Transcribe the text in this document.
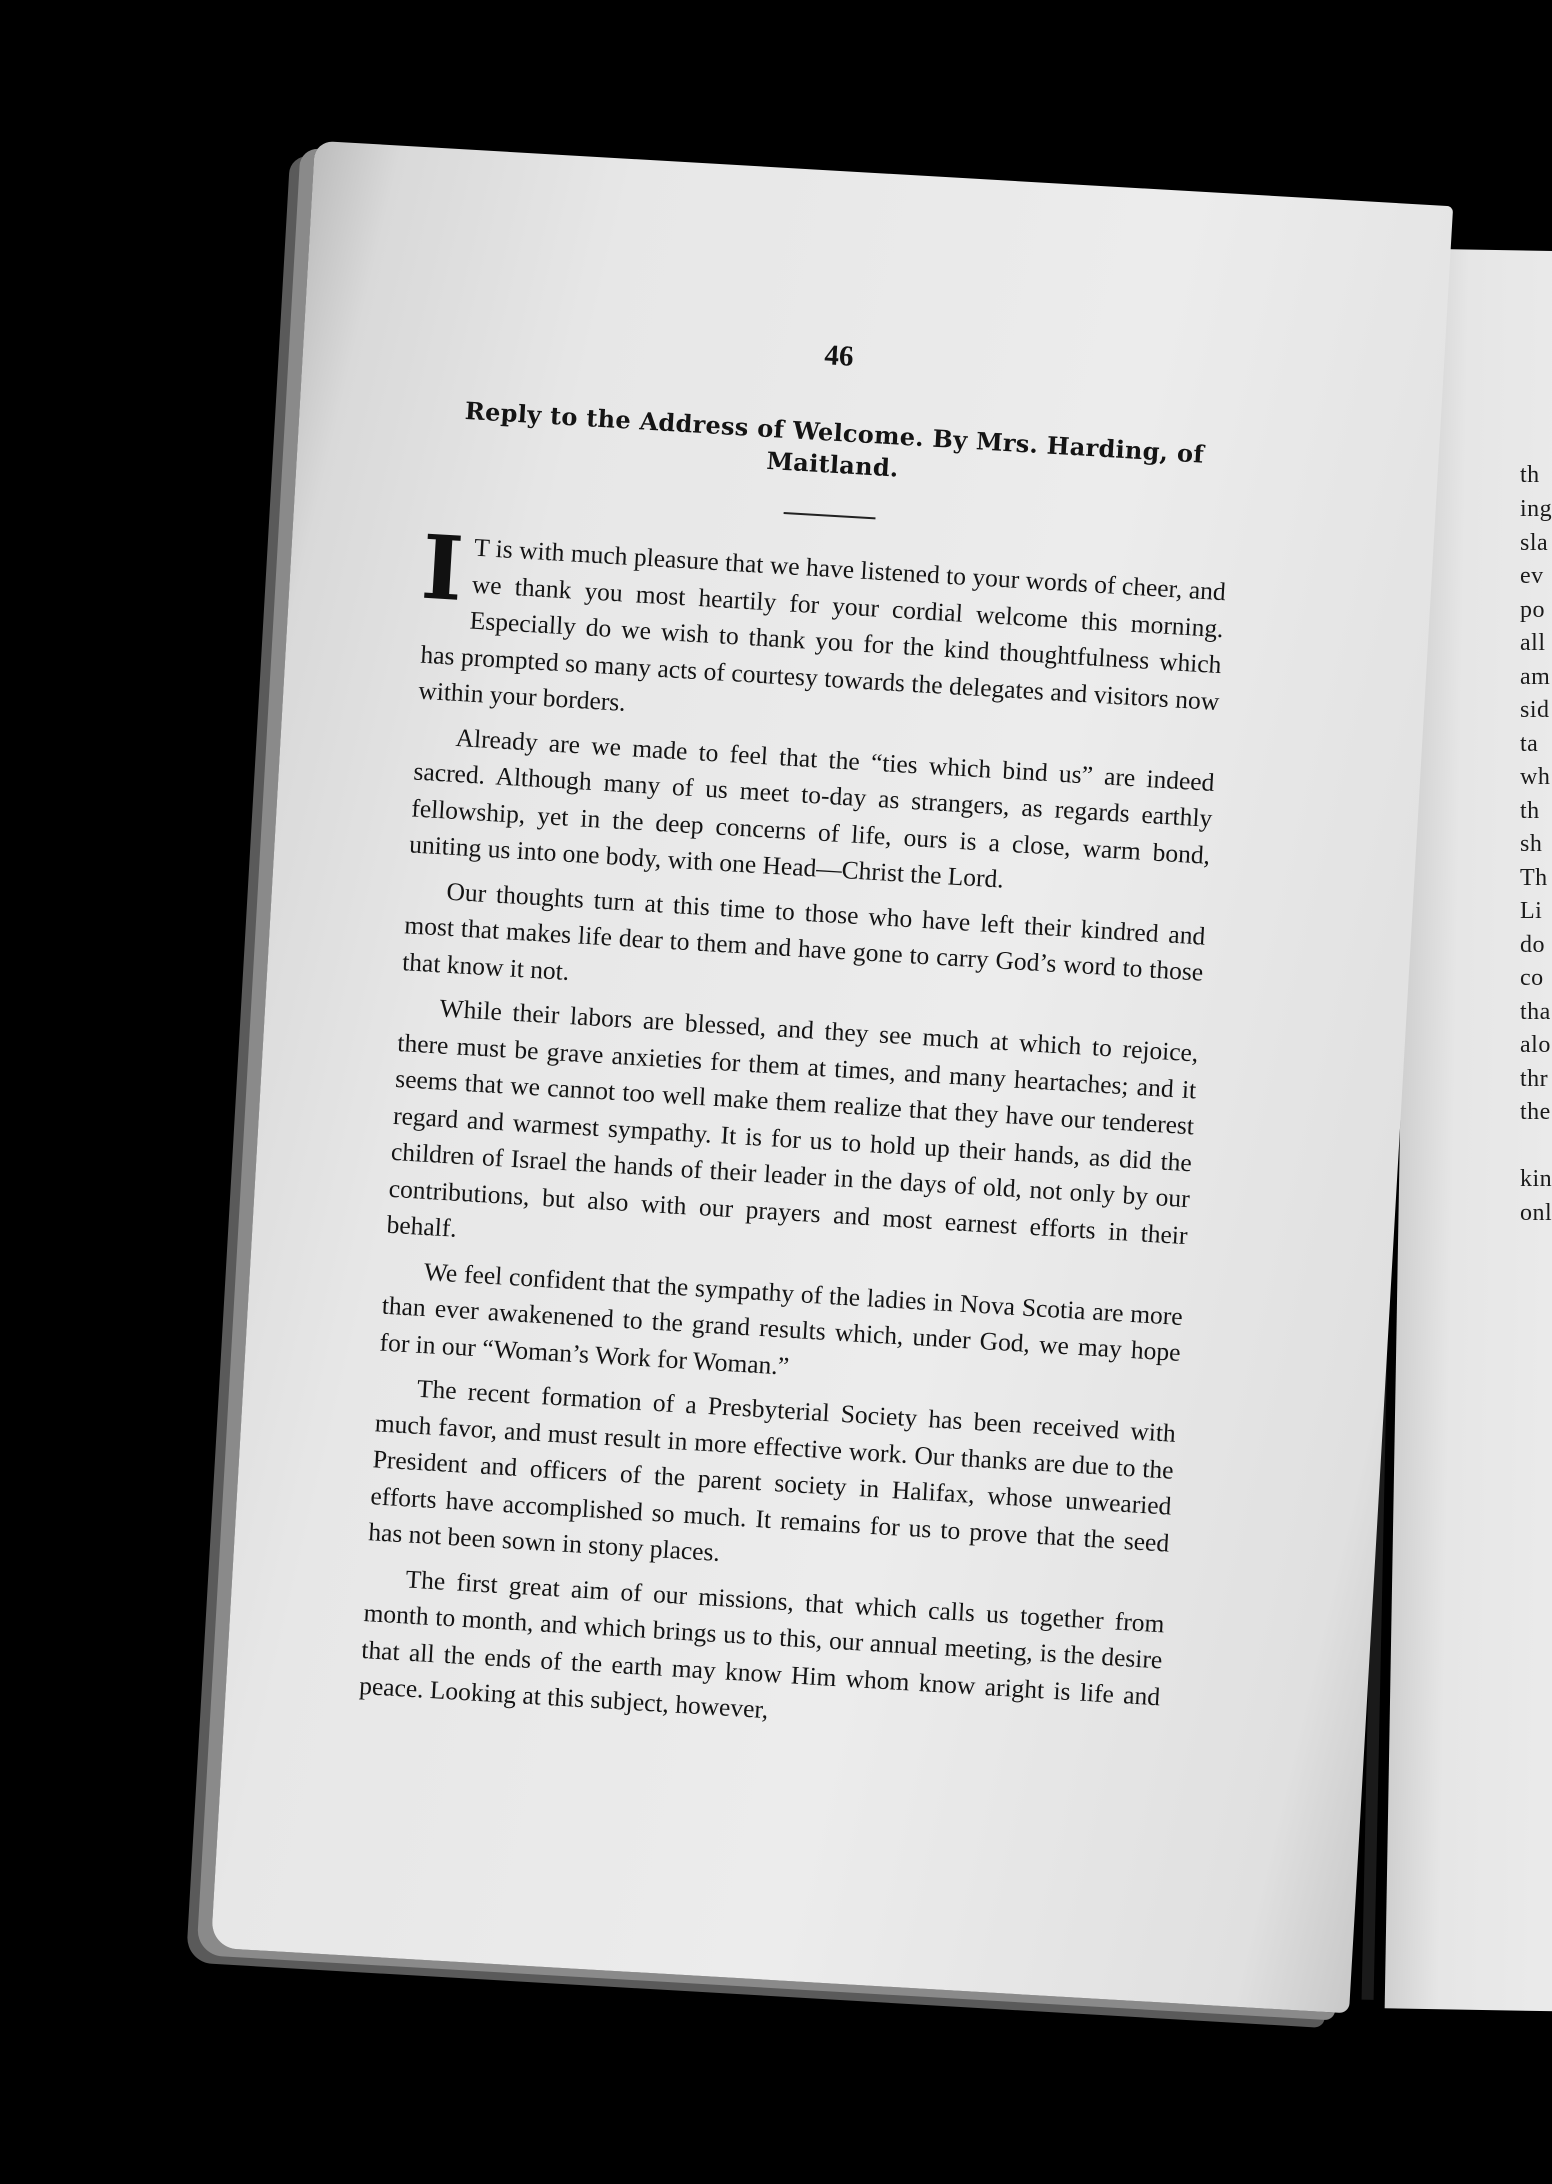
46

Reply to the Address of Welcome. By Mrs. Harding, of Maitland.

I T is with much pleasure that we have listened to your words of cheer, and we thank you most heartily for your cordial welcome this morning. Especially do we wish to thank you for the kind thoughtfulness which has prompted so many acts of courtesy towards the delegates and visitors now within your borders.

Already are we made to feel that the “ties which bind us” are indeed sacred. Although many of us meet to-day as strangers, as regards earthly fellowship, yet in the deep concerns of life, ours is a close, warm bond, uniting us into one body, with one Head—Christ the Lord.

Our thoughts turn at this time to those who have left their kindred and most that makes life dear to them and have gone to carry God’s word to those that know it not.

While their labors are blessed, and they see much at which to rejoice, there must be grave anxieties for them at times, and many heartaches; and it seems that we cannot too well make them realize that they have our tenderest regard and warmest sympathy. It is for us to hold up their hands, as did the children of Israel the hands of their leader in the days of old, not only by our contributions, but also with our prayers and most earnest efforts in their behalf.

We feel confident that the sympathy of the ladies in Nova Scotia are more than ever awakenened to the grand results which, under God, we may hope for in our “Woman’s Work for Woman.”

The recent formation of a Presbyterial Society has been received with much favor, and must result in more effective work. Our thanks are due to the President and officers of the parent society in Halifax, whose unwearied efforts have accomplished so much. It remains for us to prove that the seed has not been sown in stony places.

The first great aim of our missions, that which calls us together from month to month, and which brings us to this, our annual meeting, is the desire that all the ends of the earth may know Him whom know aright is life and peace. Looking at this subject, however,

th
ing
sla
ev
po
all
am
sid
ta
wh
th
sh
Th
Li
do
co
tha
alo
thr
the
kin
onl
